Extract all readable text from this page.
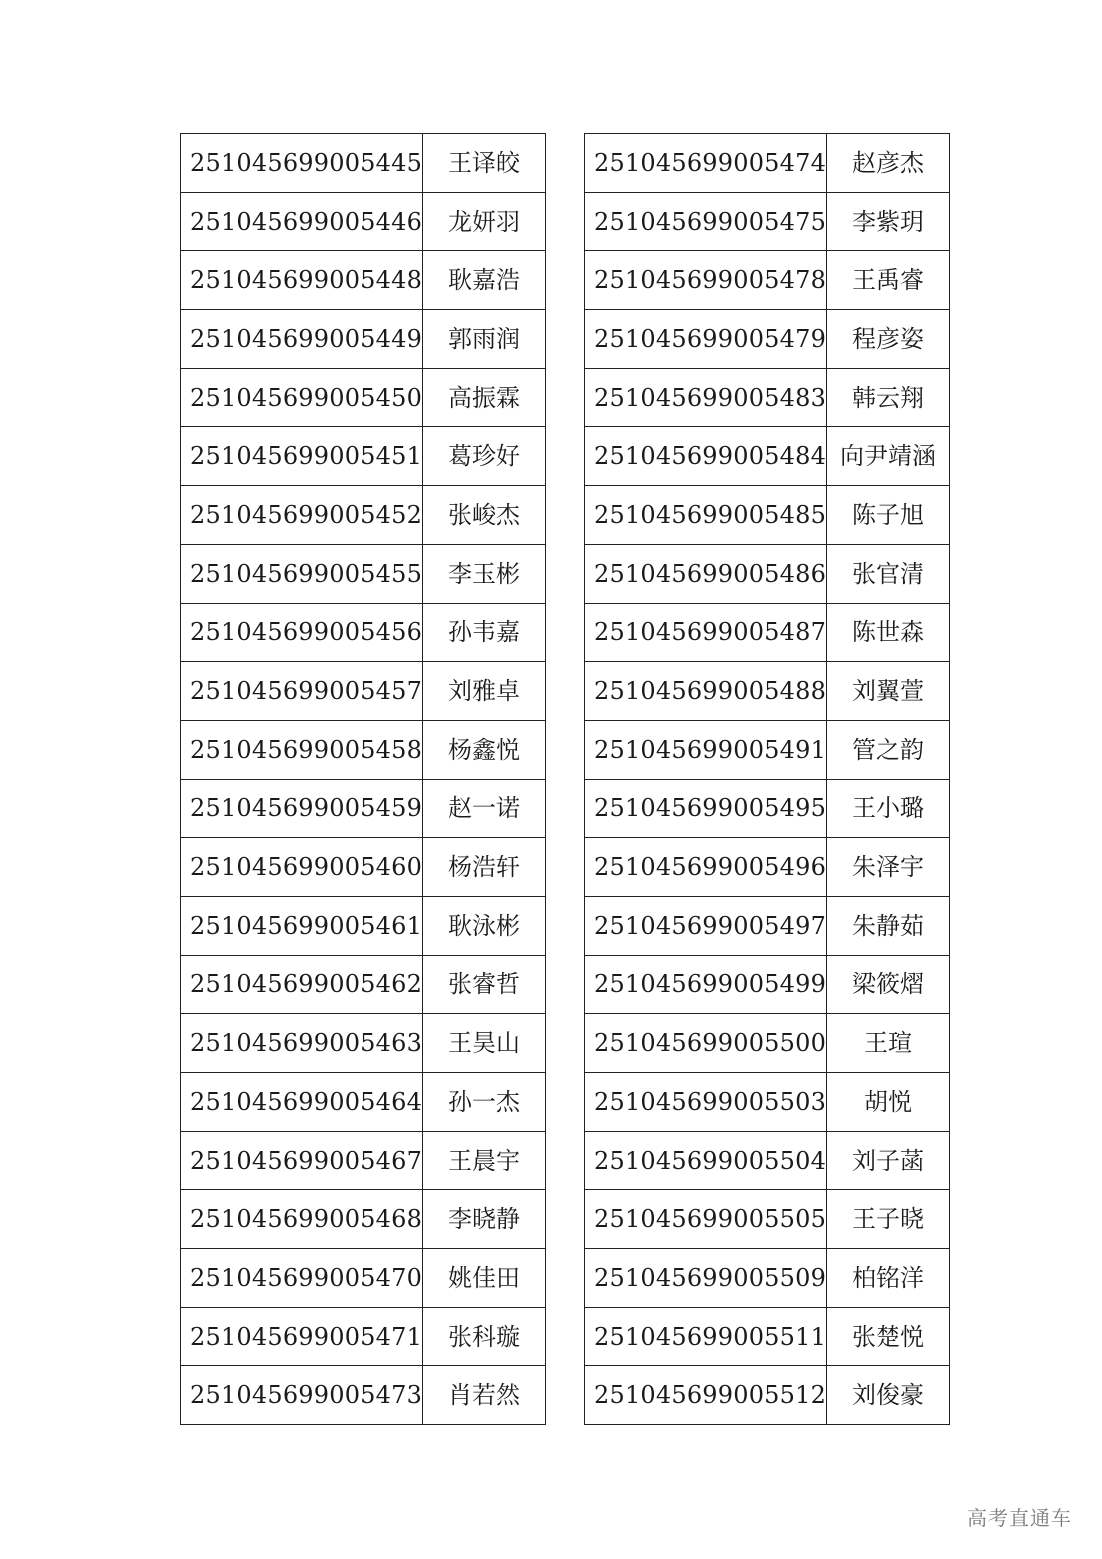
251045699005445	王译皎
251045699005446	龙妍羽
251045699005448	耿嘉浩
251045699005449	郭雨润
251045699005450	高振霖
251045699005451	葛珍好
251045699005452	张峻杰
251045699005455	李玉彬
251045699005456	孙韦嘉
251045699005457	刘雅卓
251045699005458	杨鑫悦
251045699005459	赵一诺
251045699005460	杨浩轩
251045699005461	耿泳彬
251045699005462	张睿哲
251045699005463	王昊山
251045699005464	孙一杰
251045699005467	王晨宇
251045699005468	李晓静
251045699005470	姚佳田
251045699005471	张科璇
251045699005473	肖若然
251045699005474	赵彦杰
251045699005475	李紫玥
251045699005478	王禹睿
251045699005479	程彦姿
251045699005483	韩云翔
251045699005484	向尹靖涵
251045699005485	陈子旭
251045699005486	张官清
251045699005487	陈世森
251045699005488	刘翼萱
251045699005491	管之韵
251045699005495	王小璐
251045699005496	朱泽宇
251045699005497	朱静茹
251045699005499	梁筱熠
251045699005500	王瑄
251045699005503	胡悦
251045699005504	刘子菡
251045699005505	王子晓
251045699005509	柏铭洋
251045699005511	张楚悦
251045699005512	刘俊豪
高考直通车
